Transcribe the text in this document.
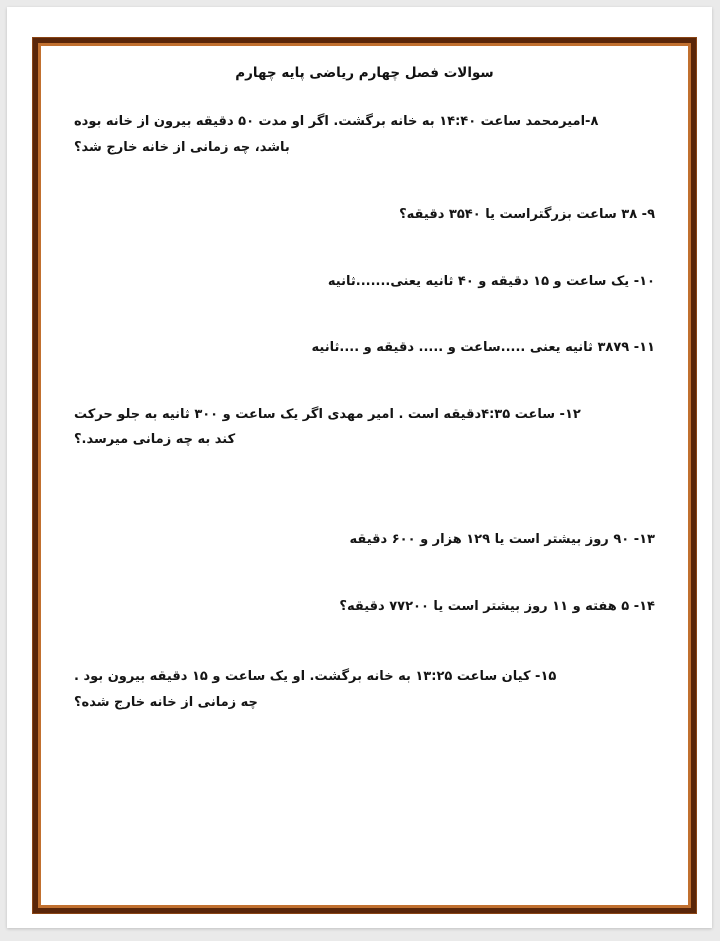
سوالات فصل چهارم ریاضی پایه چهارم
۸-امیرمحمد ساعت ۱۴:۴۰ به خانه برگشت. اگر او مدت ۵۰ دقیقه بیرون از خانه بوده
باشد، چه زمانی از خانه خارج شد؟
۹- ۳۸ ساعت بزرگتراست یا ۳۵۴۰ دقیقه؟
۱۰- یک ساعت و ۱۵ دقیقه و ۴۰ ثانیه یعنی.......ثانیه
۱۱- ۳۸۷۹ ثانیه یعنی .....ساعت و ..... دقیقه و ....ثانیه
۱۲- ساعت ۴:۳۵دقیقه است . امیر مهدی اگر یک ساعت و ۳۰۰ ثانیه به جلو حرکت
کند به چه زمانی میرسد.؟
۱۳- ۹۰ روز بیشتر است یا ۱۲۹ هزار و ۶۰۰ دقیقه
۱۴- ۵ هفته و ۱۱ روز بیشتر است یا ۷۷۲۰۰ دقیقه؟
۱۵- کیان ساعت ۱۳:۲۵ به خانه برگشت. او یک ساعت و ۱۵ دقیقه بیرون بود .
چه زمانی از خانه خارج شده؟
